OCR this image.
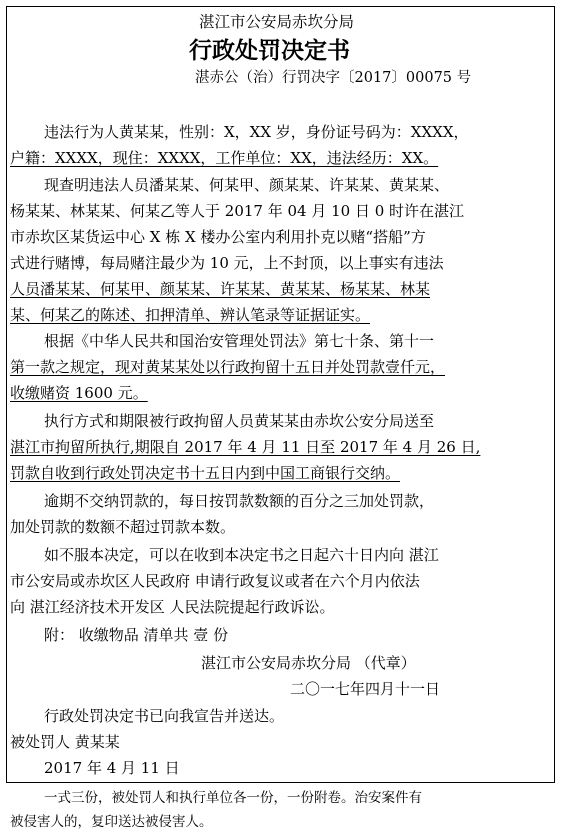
湛江市公安局赤坎分局
行政处罚决定书
湛赤公（治）行罚决字〔2017〕00075 号
违法行为人黄某某，性别：X，XX 岁，身份证号码为：XXXX，
户籍：XXXX，现住：XXXX，工作单位：XX，违法经历：XX。
现查明违法人员潘某某、何某甲、颜某某、许某某、黄某某、
杨某某、林某某、何某乙等人于 2017 年 04 月 10 日 0 时许在湛江
市赤坎区某货运中心 X 栋 X 楼办公室内利用扑克以赌“搭船”方
式进行赌博，每局赌注最少为 10 元，上不封顶，以上事实有违法
人员潘某某、何某甲、颜某某、许某某、黄某某、杨某某、林某
某、何某乙的陈述、扣押清单、辨认笔录等证据证实。
根据《中华人民共和国治安管理处罚法》第七十条、第十一
第一款之规定，现对黄某某处以行政拘留十五日并处罚款壹仟元，
收缴赌资 1600 元。
执行方式和期限被行政拘留人员黄某某由赤坎公安分局送至
湛江市拘留所执行,期限自 2017 年 4 月 11 日至 2017 年 4 月 26 日,
罚款自收到行政处罚决定书十五日内到中国工商银行交纳。
逾期不交纳罚款的，每日按罚款数额的百分之三加处罚款，
加处罚款的数额不超过罚款本数。
如不服本决定，可以在收到本决定书之日起六十日内向 湛江
市公安局或赤坎区人民政府 申请行政复议或者在六个月内依法
向 湛江经济技术开发区 人民法院提起行政诉讼。
附： 收缴物品 清单共 壹 份
湛江市公安局赤坎分局 （代章）
二〇一七年四月十一日
行政处罚决定书已向我宣告并送达。
被处罚人 黄某某
2017 年 4 月 11 日
一式三份，被处罚人和执行单位各一份，一份附卷。治安案件有
被侵害人的，复印送达被侵害人。
